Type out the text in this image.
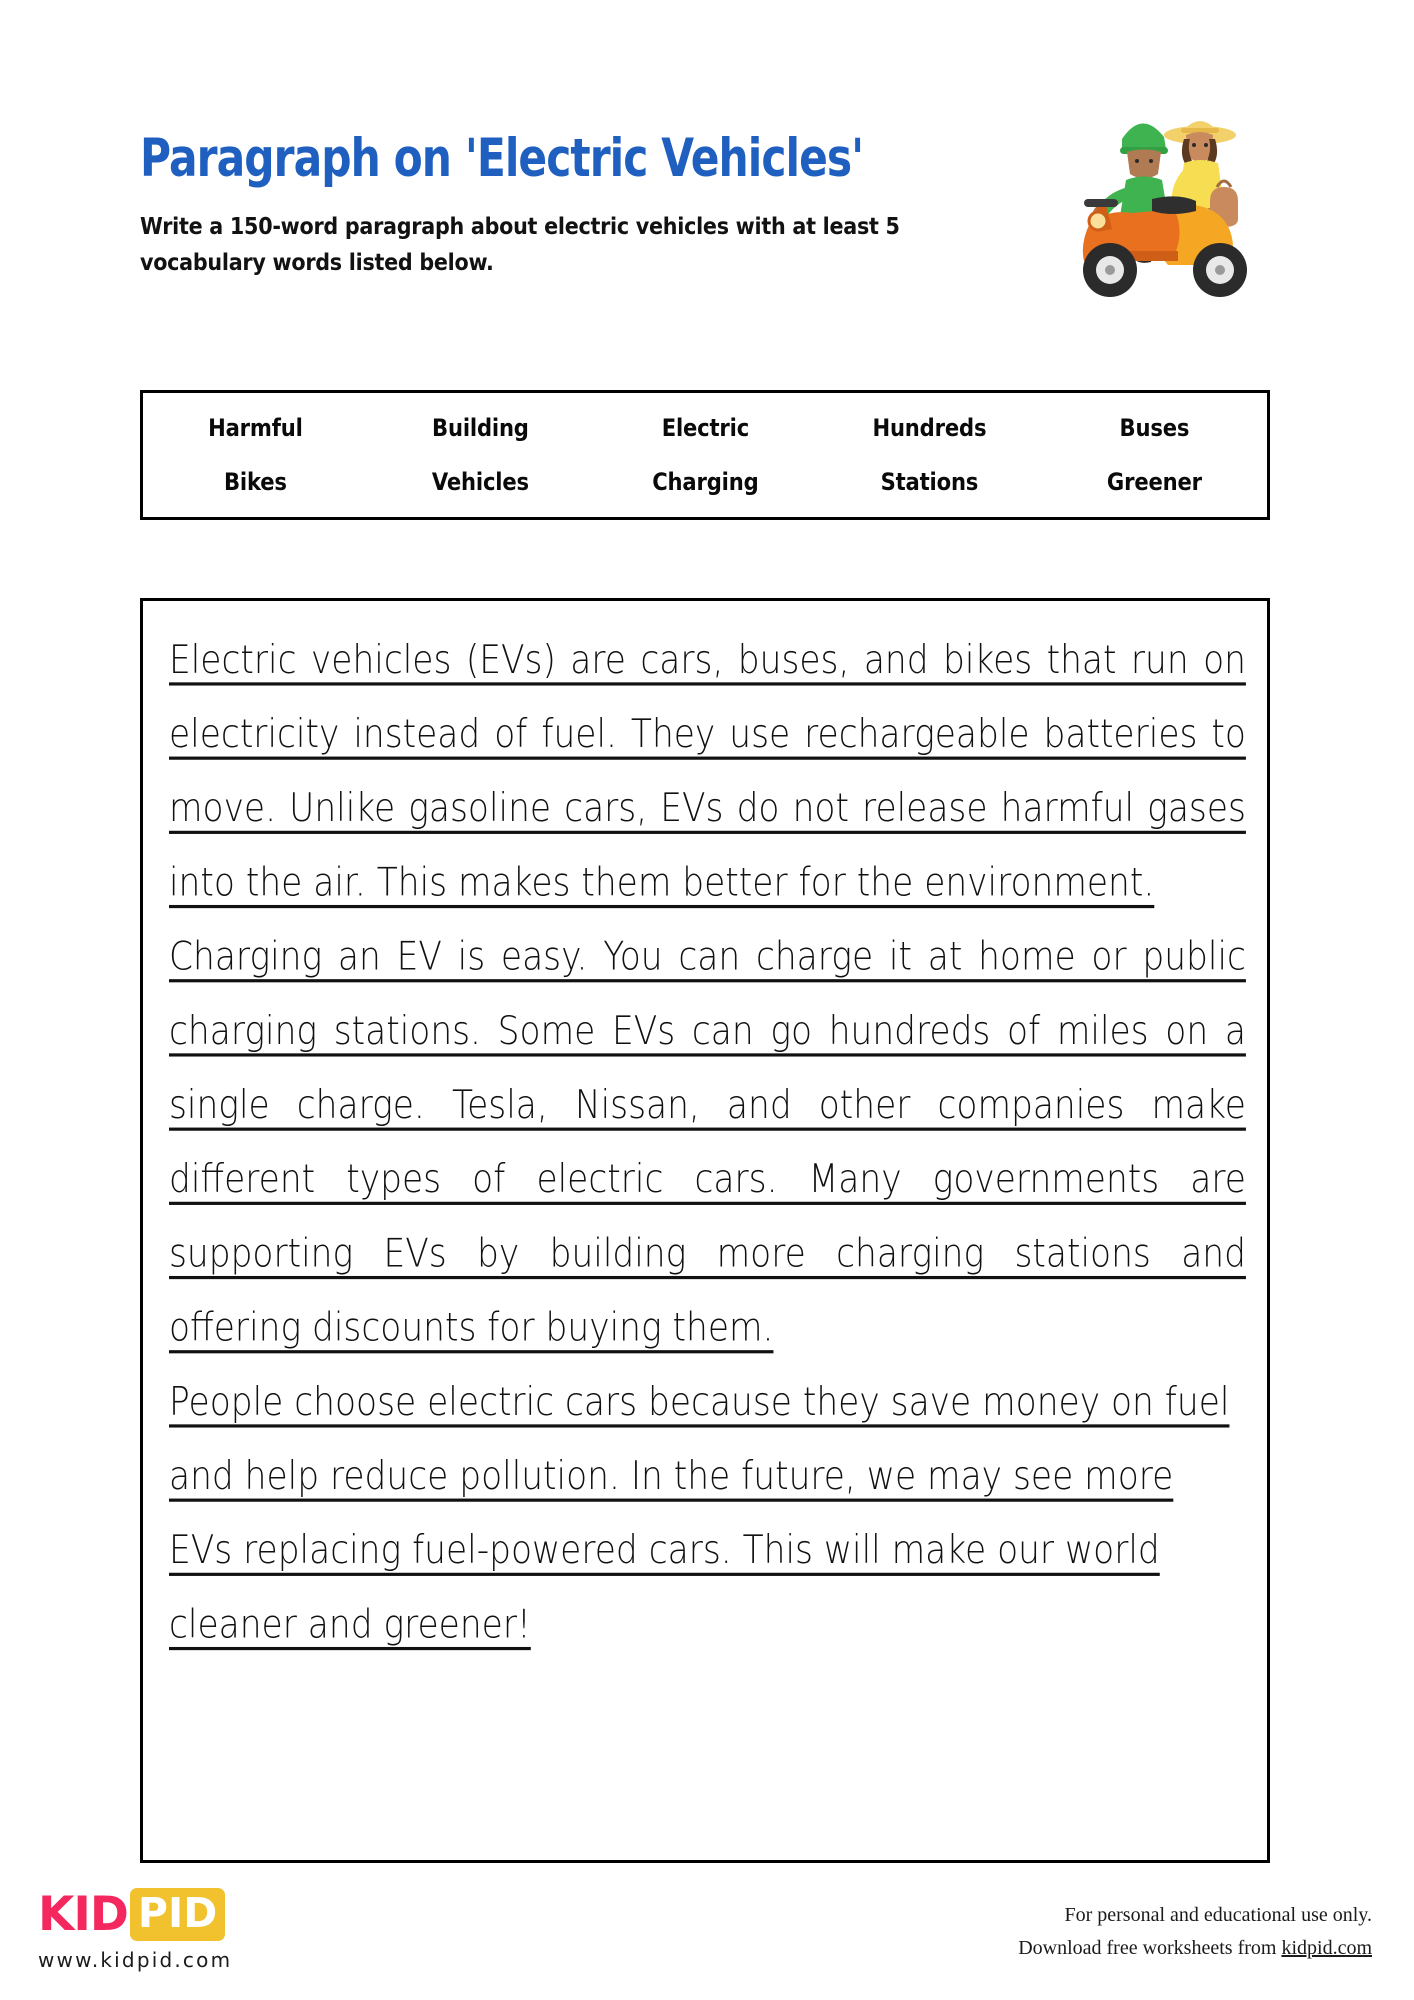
Paragraph on 'Electric Vehicles'
Write a 150-word paragraph about electric vehicles with at least 5 vocabulary words listed below.
Harmful	Building	Electric	Hundreds	Buses
Bikes	Vehicles	Charging	Stations	Greener

Electric vehicles (EVs) are cars, buses, and bikes that run on electricity instead of fuel. They use rechargeable batteries to move. Unlike gasoline cars, EVs do not release harmful gases into the air. This makes them better for the environment.

Charging an EV is easy. You can charge it at home or public charging stations. Some EVs can go hundreds of miles on a single charge. Tesla, Nissan, and other companies make different types of electric cars. Many governments are supporting EVs by building more charging stations and offering discounts for buying them.

People choose electric cars because they save money on fuel and help reduce pollution. In the future, we may see more EVs replacing fuel-powered cars. This will make our world cleaner and greener!

KID PID
www.kidpid.com
For personal and educational use only.
Download free worksheets from kidpid.com
